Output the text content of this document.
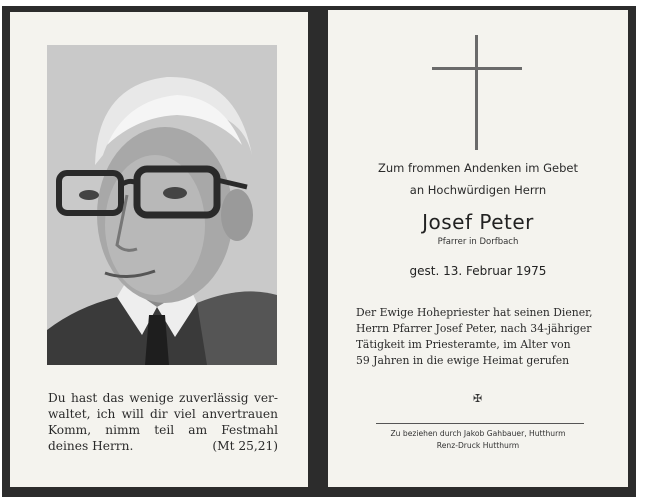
Du hast das wenige zuverlässig ver-
waltet, ich will dir viel anvertrauen
Komm, nimm teil am Festmahl
deines Herrn.	(Mt 25,21)
Zum frommen Andenken im Gebet
an Hochwürdigen Herrn
Josef Peter
Pfarrer in Dorfbach
gest. 13. Februar 1975
Der Ewige Hohepriester hat seinen Diener,
Herrn Pfarrer Josef Peter, nach 34-jähriger
Tätigkeit im Priesteramte, im Alter von
59 Jahren in die ewige Heimat gerufen
✠
Zu beziehen durch Jakob Gahbauer, Hutthurm
Renz-Druck Hutthurm
